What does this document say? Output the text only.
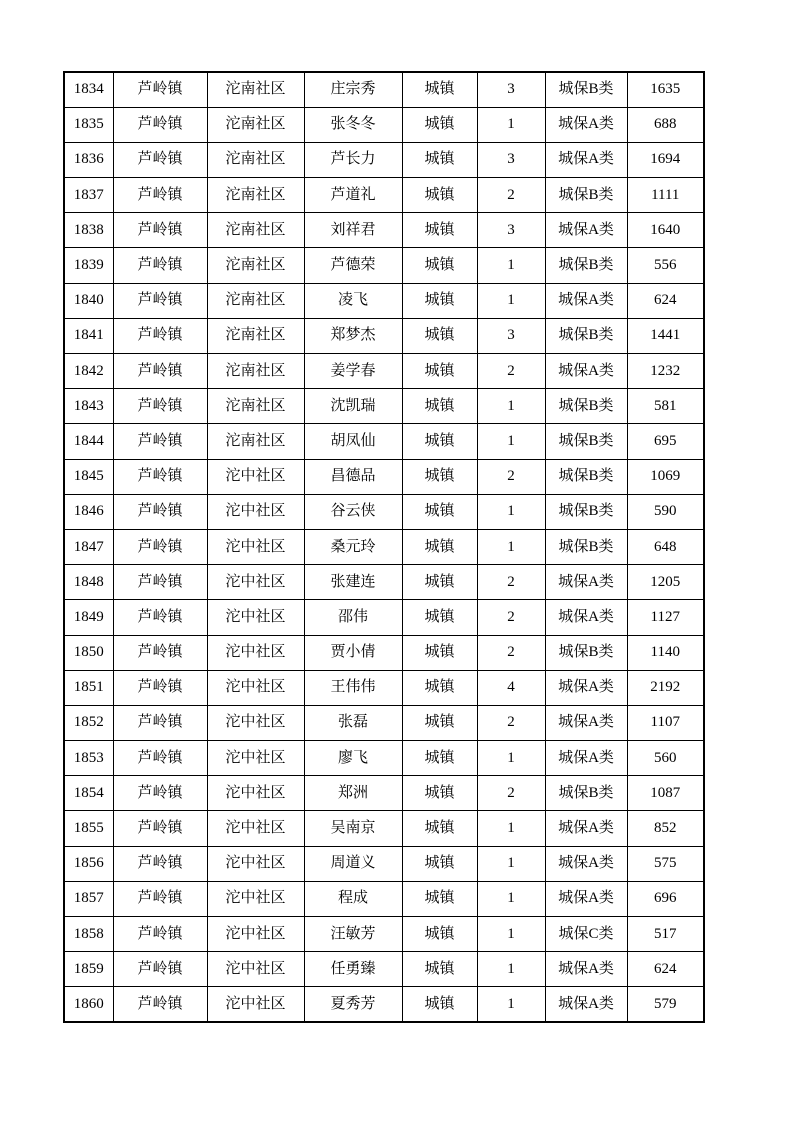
1834	芦岭镇	沱南社区	庄宗秀	城镇	3	城保B类	1635
1835	芦岭镇	沱南社区	张冬冬	城镇	1	城保A类	688
1836	芦岭镇	沱南社区	芦长力	城镇	3	城保A类	1694
1837	芦岭镇	沱南社区	芦道礼	城镇	2	城保B类	1111
1838	芦岭镇	沱南社区	刘祥君	城镇	3	城保A类	1640
1839	芦岭镇	沱南社区	芦德荣	城镇	1	城保B类	556
1840	芦岭镇	沱南社区	凌飞	城镇	1	城保A类	624
1841	芦岭镇	沱南社区	郑梦杰	城镇	3	城保B类	1441
1842	芦岭镇	沱南社区	姜学春	城镇	2	城保A类	1232
1843	芦岭镇	沱南社区	沈凯瑞	城镇	1	城保B类	581
1844	芦岭镇	沱南社区	胡凤仙	城镇	1	城保B类	695
1845	芦岭镇	沱中社区	昌德品	城镇	2	城保B类	1069
1846	芦岭镇	沱中社区	谷云侠	城镇	1	城保B类	590
1847	芦岭镇	沱中社区	桑元玲	城镇	1	城保B类	648
1848	芦岭镇	沱中社区	张建连	城镇	2	城保A类	1205
1849	芦岭镇	沱中社区	邵伟	城镇	2	城保A类	1127
1850	芦岭镇	沱中社区	贾小倩	城镇	2	城保B类	1140
1851	芦岭镇	沱中社区	王伟伟	城镇	4	城保A类	2192
1852	芦岭镇	沱中社区	张磊	城镇	2	城保A类	1107
1853	芦岭镇	沱中社区	廖飞	城镇	1	城保A类	560
1854	芦岭镇	沱中社区	郑洲	城镇	2	城保B类	1087
1855	芦岭镇	沱中社区	吴南京	城镇	1	城保A类	852
1856	芦岭镇	沱中社区	周道义	城镇	1	城保A类	575
1857	芦岭镇	沱中社区	程成	城镇	1	城保A类	696
1858	芦岭镇	沱中社区	汪敏芳	城镇	1	城保C类	517
1859	芦岭镇	沱中社区	任勇臻	城镇	1	城保A类	624
1860	芦岭镇	沱中社区	夏秀芳	城镇	1	城保A类	579
